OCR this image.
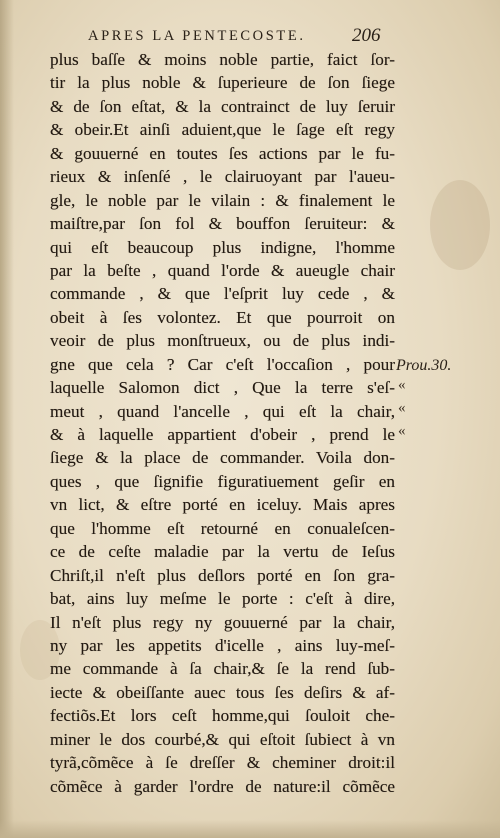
APRES LA PENTECOSTE.	206
plus baſſe & moins noble partie, faict ſor-
tir la plus noble & ſuperieure de ſon ſiege
& de ſon eſtat, & la contrainct de luy ſeruir
& obeir.Et ainſi aduient,que le ſage eſt regy
& gouuerné en toutes ſes actions par le fu-
rieux & inſenſé , le clairuoyant par l'aueu-
gle, le noble par le vilain : & finalement le
maiſtre,par ſon fol & bouffon ſeruiteur: &
qui eſt beaucoup plus indigne, l'homme
par la beſte , quand l'orde & aueugle chair
commande , & que l'eſprit luy cede , &
obeit à ſes volontez. Et que pourroit on
veoir de plus monſtrueux, ou de plus indi-
gne que cela ? Car c'eſt l'occaſion , pour
laquelle Salomon dict , Que la terre s'eſ-
meut , quand l'ancelle , qui eſt la chair,
& à laquelle appartient d'obeir , prend le
ſiege & la place de commander. Voila don-
ques , que ſignifie figuratiuement geſir en
vn lict, & eſtre porté en iceluy. Mais apres
que l'homme eſt retourné en conualeſcen-
ce de ceſte maladie par la vertu de Ieſus
Chriſt,il n'eſt plus deſlors porté en ſon gra-
bat, ains luy meſme le porte : c'eſt à dire,
Il n'eſt plus regy ny gouuerné par la chair,
ny par les appetits d'icelle , ains luy-meſ-
me commande à ſa chair,& ſe la rend ſub-
iecte & obeiſſante auec tous ſes deſirs & af-
fectiõs.Et lors ceſt homme,qui ſouloit che-
miner le dos courbé,& qui eſtoit ſubiect à vn
tyrã,cõmẽce à ſe dreſſer & cheminer droit:il
cõmẽce à garder l'ordre de nature:il cõmẽce
Prou.30.
«
«
«
